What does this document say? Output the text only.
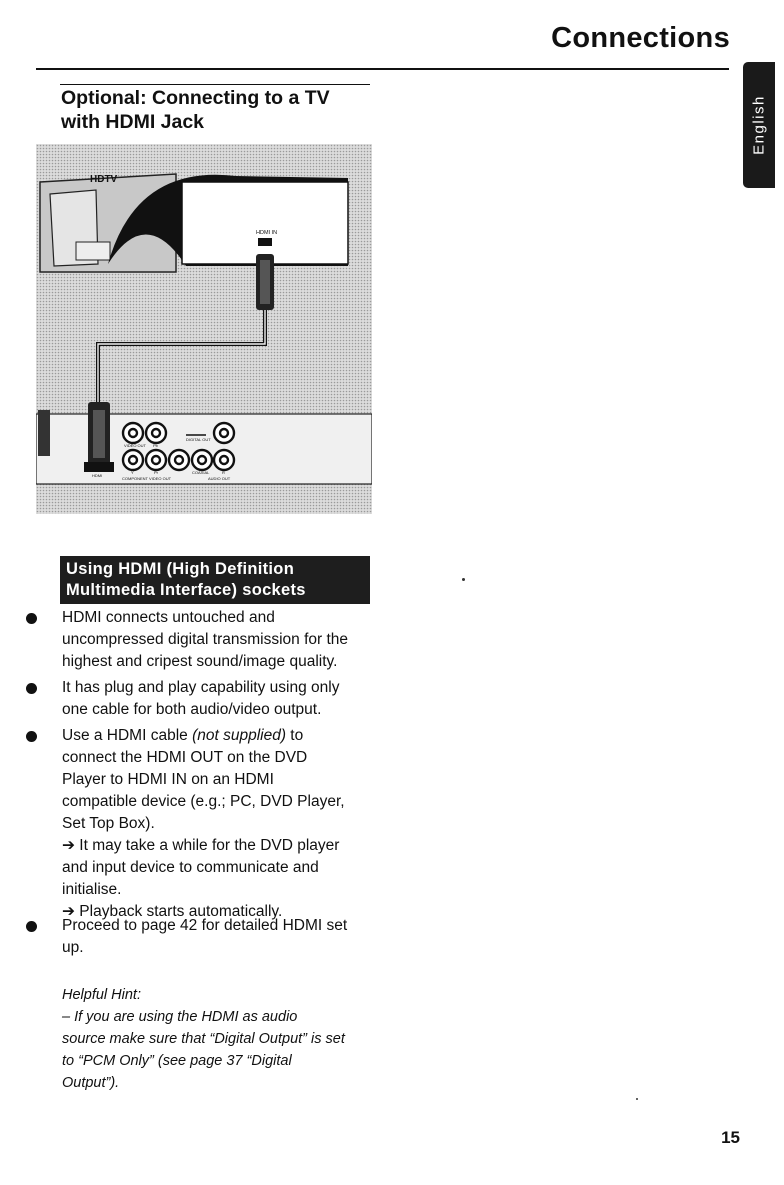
Connections
English
Optional: Connecting to a TV
with HDMI Jack
HDTV
HDMI IN
VIDEO OUT Pb
DIGITAL OUT
HDMI
Y	Pr	COAXIAL	R
COMPONENT VIDEO OUT	AUDIO OUT
Using HDMI (High Definition
Multimedia Interface) sockets
HDMI connects untouched and
uncompressed digital transmission for the
highest and cripest sound/image quality.
It has plug and play capability using only
one cable for both audio/video output.
Use a HDMI cable (not supplied) to
connect the HDMI OUT on the DVD
Player to HDMI IN on an HDMI
compatible device (e.g.; PC, DVD Player,
Set Top Box).
➔ It may take a while for the DVD player
and input device to communicate and
initialise.
➔ Playback starts automatically.
Proceed to page 42 for detailed HDMI set
up.
Helpful Hint:
– If you are using the HDMI as audio
source make sure that “Digital Output” is set
to “PCM Only” (see page 37 “Digital
Output”).
15
